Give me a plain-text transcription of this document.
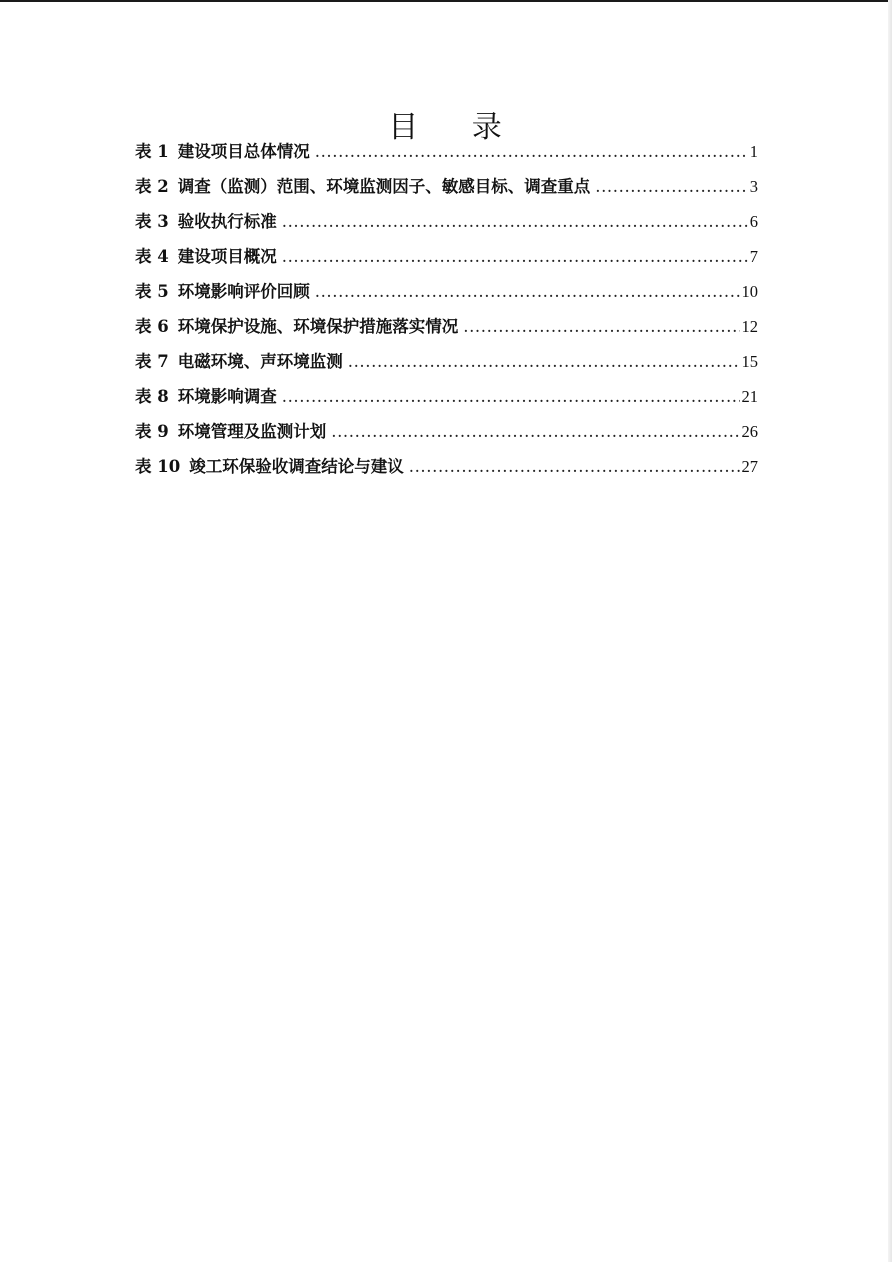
目 录
表 1 建设项目总体情况 .....	1
表 2 调查（监测）范围、环境监测因子、敏感目标、调查重点 .....	3
表 3 验收执行标准 .....	6
表 4 建设项目概况 .....	7
表 5 环境影响评价回顾 .....	10
表 6 环境保护设施、环境保护措施落实情况 .....	12
表 7 电磁环境、声环境监测 .....	15
表 8 环境影响调查 .....	21
表 9 环境管理及监测计划 .....	26
表 10 竣工环保验收调查结论与建议 .....	27
